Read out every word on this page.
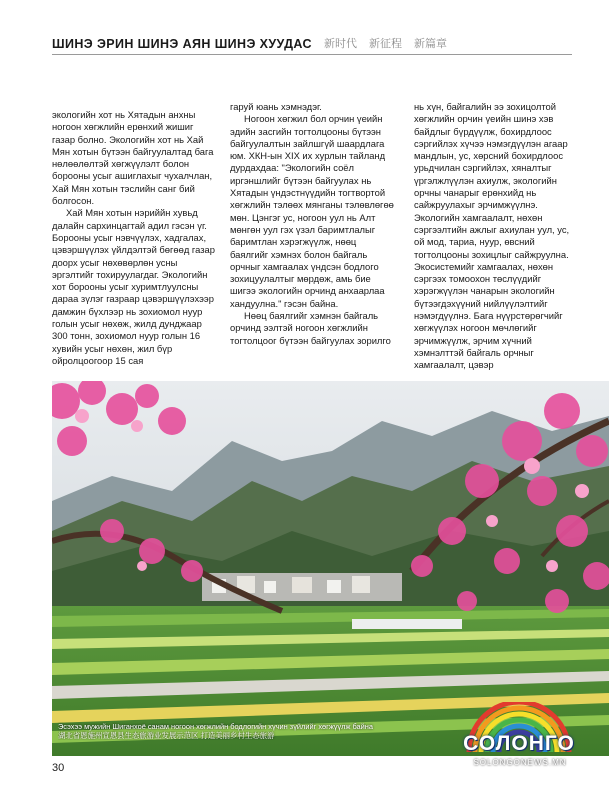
ШИНЭ ЭРИН ШИНЭ АЯН ШИНЭ ХУУДАС 新时代 新征程 新篇章

экологийн хот нь Хятадын анхны ногоон хөгжлийн ерөнхий жишиг газар болно. Экологийн хот нь Хай Мян хотын бүтээн байгуулалтад бага нөлөөлөлтэй хөгжүүлэлт болон борооны усыг ашиглахыг чухалчлан, Хай Мян хотын тэслийн санг бий болгосон.

Хай Мян хотын нэриййн хувьд далайн сархинцагтай адил гэсэн үг. Борооны усыг нэвчүүлэх, хадгалах, цэвэршүүлэх үйлдэлтэй бөгөөд газар доорх усыг нөхөвөрлөн усны эргэлтийг тохируулагдаг. Экологийн хот борооны усыг хуримтлуулсны дараа зүлэг газраар цэвэршүүлэхээр дамжин бүхлээр нь зохиомол нуур голын усыг нөхөж, жилд дунджаар 300 тонн, зохиомол нуур голын 16 хувийн усыг нөхөн, жил бүр ойролцоогоор 15 сая

гаруй юань хэмнэдэг.

Ногоон хөгжил бол орчин үеийн эдийн засгийн тогтолцооны бүтээн байгуулалтын зайлшгүй шаардлага юм. ХКН-ын XIX их хурлын тайланд дурдахдаа: "Экологийн соёл иргэншлийг бүтээн байгуулах нь Хятадын үндэстнүүдийн тогтвортой хөгжлийн тэлөөх мянганы тэлөвлөгөө мөн. Цэнгэг ус, ногоон уул нь Алт мөнгөн уул гэх үзэл баримтлалыг баримтлан хэрэгжүүлж, нөөц баялгийг хэмнэх болон байгаль орчныг хамгаалах үндсэн бодлого зохицуулалтыг мөрдөж, амь бие шигээ экологийн орчинд анхаарлаа хандуулна." гэсэн байна.

Нөөц баялгийг хэмнэн байгаль орчинд ээлтэй ногоон хөгжлийн тогтолцоог бүтээн байгуулах зорилго

нь хүн, байгалийн ээ зохицолтой хөгжлийн орчин үеийн шинэ хэв байдлыг бүрдүүлж, бохирдлоос сэргийлэх хүчээ нэмэгдүүлэн агаар мандлын, ус, хөрсний бохирдлоос урьдчилан сэргийлэх, хяналтыг үргэлжлүүлэн ахиулж, экологийн орчны чанарыг ерөнхийд нь сайжруулахыг эрчимжүүлнэ. Экологийн хамгаалалт, нөхөн сэргээлтийн ажлыг ахиулан уул, ус, ой мод, тариа, нуур, өвсний тогтолцооны зохицлыг сайжруулна. Экосистемийг хамгаалах, нөхөн сэргээх томоохон төслүүдийг хэрэгжүүлэн чанарын экологийн бүтээгдэхүүний нийлүүлэлтийг нэмэгдүүлнэ. Бага нүүрстөрөгчийг хөгжүүлэх ногоон мөчлөгийг эрчимжүүлж, эрчим хүчний хэмнэлттэй байгаль орчныг хамгаалалт, цэвэр

Эсэхээ мужийн Шиганхоё санам ногоон хөгжлийн бодлогийн хүчин зүйлийг хөгжүүлж байна
湖北省恩施州宣恩县生态旅游业发展示范区 打造美丽乡村生态旅游	СОЛОНГО
SOLONGONEWS.MN
30
